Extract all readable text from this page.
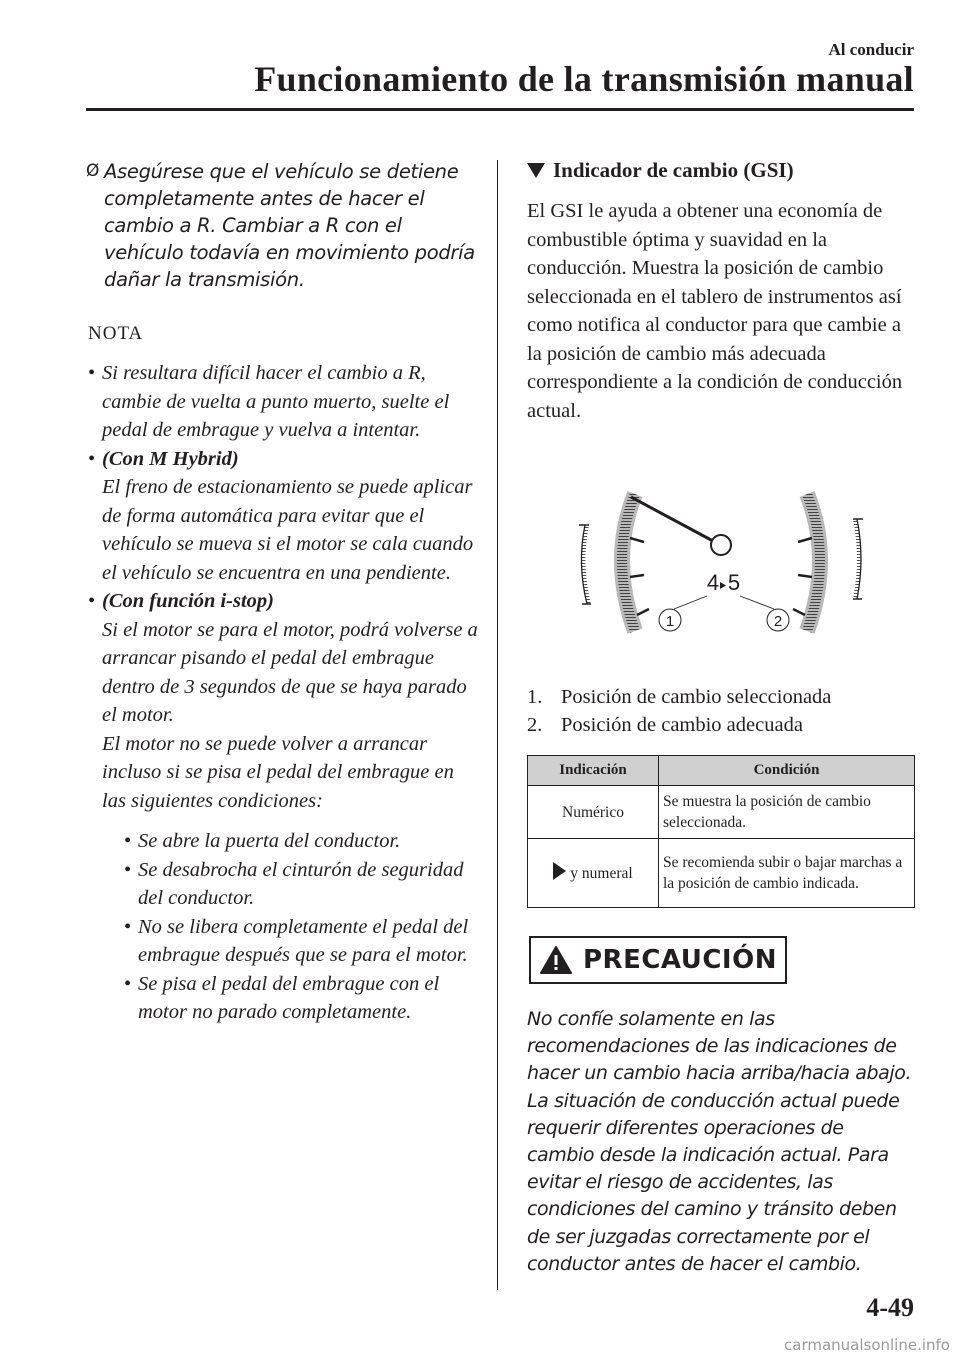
Al conducir
Funcionamiento de la transmisión manual
Ø Asegúrese que el vehículo se detiene completamente antes de hacer el cambio a R. Cambiar a R con el vehículo todavía en movimiento podría dañar la transmisión.
NOTA
• Si resultara difícil hacer el cambio a R, cambie de vuelta a punto muerto, suelte el pedal de embrague y vuelva a intentar.
• (Con M Hybrid)
El freno de estacionamiento se puede aplicar de forma automática para evitar que el vehículo se mueva si el motor se cala cuando el vehículo se encuentra en una pendiente.
• (Con función i-stop)
Si el motor se para el motor, podrá volverse a arrancar pisando el pedal del embrague dentro de 3 segundos de que se haya parado el motor.
El motor no se puede volver a arrancar incluso si se pisa el pedal del embrague en las siguientes condiciones:
• Se abre la puerta del conductor.
• Se desabrocha el cinturón de seguridad del conductor.
• No se libera completamente el pedal del embrague después que se para el motor.
• Se pisa el pedal del embrague con el motor no parado completamente.
Indicador de cambio (GSI)
El GSI le ayuda a obtener una economía de combustible óptima y suavidad en la conducción. Muestra la posición de cambio seleccionada en el tablero de instrumentos así como notifica al conductor para que cambie a la posición de cambio más adecuada correspondiente a la condición de conducción actual.
4 5
1	2
1. Posición de cambio seleccionada
2. Posición de cambio adecuada
Indicación	Condición
Numérico	Se muestra la posición de cambio seleccionada.
y numeral	Se recomienda subir o bajar marchas a la posición de cambio indicada.
PRECAUCIÓN
No confíe solamente en las recomendaciones de las indicaciones de hacer un cambio hacia arriba/hacia abajo. La situación de conducción actual puede requerir diferentes operaciones de cambio desde la indicación actual. Para evitar el riesgo de accidentes, las condiciones del camino y tránsito deben de ser juzgadas correctamente por el conductor antes de hacer el cambio.
4-49
carmanualsonline.info
